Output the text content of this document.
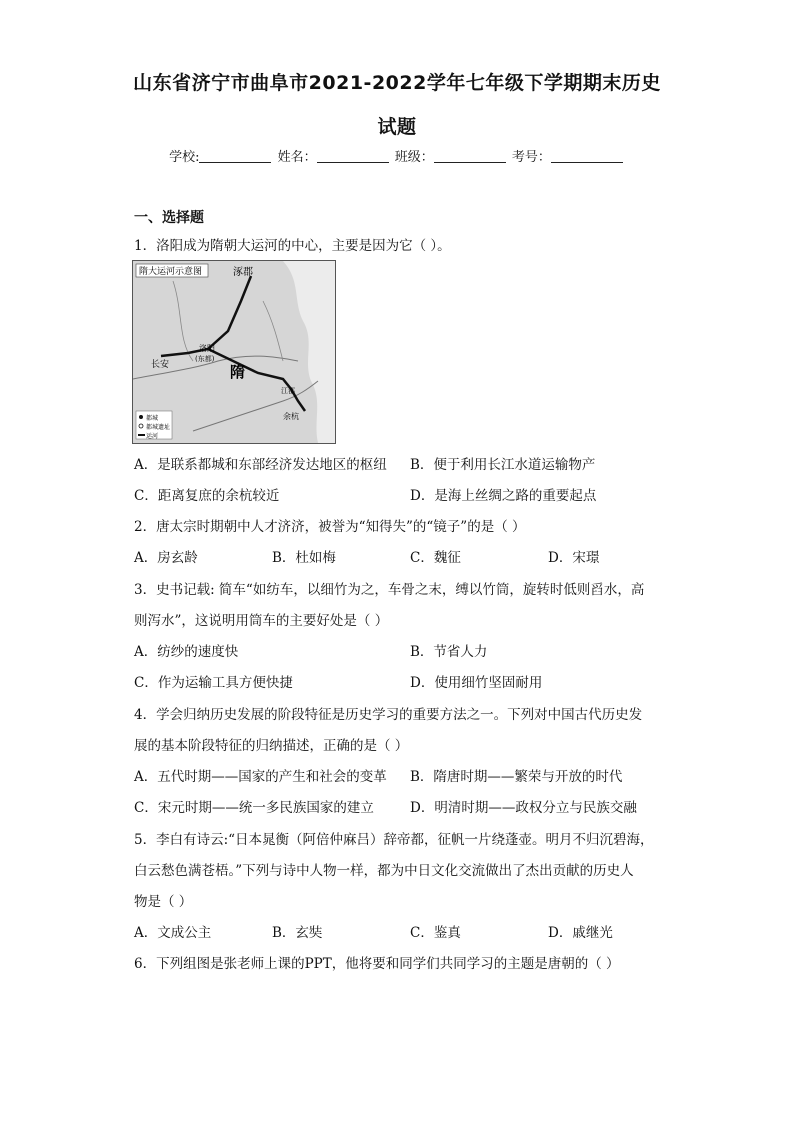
山东省济宁市曲阜市2021-2022学年七年级下学期期末历史
试题
学校:	姓名：	班级：	考号：
一、选择题
1．洛阳成为隋朝大运河的中心，主要是因为它（ ）。
隋大运河示意图	涿郡
洛阳
(东都)
长安	隋
江都
余杭
都城
都城遗址
运河
A．是联系都城和东部经济发达地区的枢纽 B．便于利用长江水道运输物产
C．距离复庶的余杭较近	D．是海上丝绸之路的重要起点
2．唐太宗时期朝中人才济济，被誉为“知得失”的“镜子”的是（ ）
A．房玄龄	B．杜如梅	C．魏征	D．宋璟
3．史书记载: 简车“如纺车，以细竹为之，车骨之末，缚以竹筒，旋转时低则舀水，高
则泻水”，这说明用筒车的主要好处是（ ）
A．纺纱的速度快	B．节省人力
C．作为运输工具方便快捷	D．使用细竹坚固耐用
4．学会归纳历史发展的阶段特征是历史学习的重要方法之一。下列对中国古代历史发
展的基本阶段特征的归纳描述，正确的是（ ）
A．五代时期——国家的产生和社会的变革 B．隋唐时期——繁荣与开放的时代
C．宋元时期——统一多民族国家的建立	D．明清时期——政权分立与民族交融
5．李白有诗云:“日本晁衡（阿倍仲麻吕）辞帝都，征帆一片绕蓬壶。明月不归沉碧海，
白云愁色满苍梧。”下列与诗中人物一样，都为中日文化交流做出了杰出贡献的历史人
物是（ ）
A．文成公主	B．玄奘	C．鉴真	D．戚继光
6．下列组图是张老师上课的PPT，他将要和同学们共同学习的主题是唐朝的（ ）
